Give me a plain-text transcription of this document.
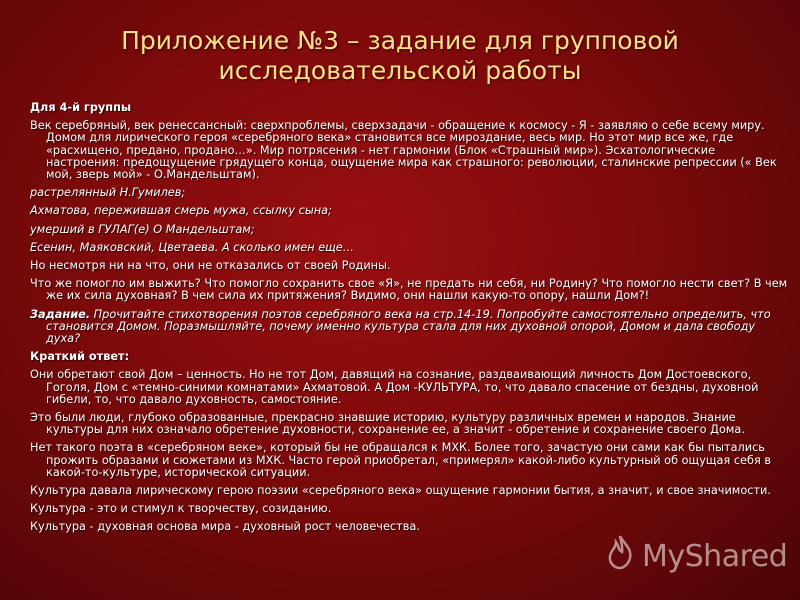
Приложение №3 – задание для групповой исследовательской работы

Для 4-й группы

Век серебряный, век ренессансный: сверхпроблемы, сверхзадачи - обращение к космосу - Я - заявляю о себе всему миру. Домом для лирического героя «серебряного века» становится все мироздание, весь мир. Но этот мир все же, где «расхищено, предано, продано…». Мир потрясения - нет гармонии (Блок «Страшный мир»). Эсхатологические настроения: предощущение грядущего конца, ощущение мира как страшного: революции, сталинские репрессии (« Век мой, зверь мой» - О.Мандельштам).

растрелянный Н.Гумилев;

Ахматова, пережившая смерь мужа, ссылку сына;

умерший в ГУЛАГ(е) О Мандельштам;

Есенин, Маяковский, Цветаева. А сколько имен еще…

Но несмотря ни на что, они не отказались от своей Родины.

Что же помогло им выжить? Что помогло сохранить свое «Я», не предать ни себя, ни Родину? Что помогло нести свет? В чем же их сила духовная? В чем сила их притяжения? Видимо, они нашли какую-то опору, нашли Дом?!

Задание. Прочитайте стихотворения поэтов серебряного века на стр.14-19. Попробуйте самостоятельно определить, что становится Домом. Поразмышляйте, почему именно культура стала для них духовной опорой, Домом и дала свободу духа?

Краткий ответ:

Они обретают свой Дом – ценность. Но не тот Дом, давящий на сознание, раздваивающий личность Дом Достоевского, Гоголя, Дом с «темно-синими комнатами» Ахматовой. А Дом -КУЛЬТУРА, то, что давало спасение от бездны, духовной гибели, то, что давало духовность, самостояние.

Это были люди, глубоко образованные, прекрасно знавшие историю, культуру различных времен и народов. Знание культуры для них означало обретение духовности, сохранение ее, а значит - обретение и сохранение своего Дома.

Нет такого поэта в «серебряном веке», который бы не обращался к МХК. Более того, зачастую они сами как бы пытались прожить образами и сюжетами из МХК. Часто герой приобретал, «примерял» какой-либо культурный об ощущая себя в какой-то-культуре, исторической ситуации.

Культура давала лирическому герою поэзии «серебряного века» ощущение гармонии бытия, а значит, и свое значимости.

Культура - это и стимул к творчеству, созиданию.

Культура - духовная основа мира - духовный рост человечества.

MyShared
